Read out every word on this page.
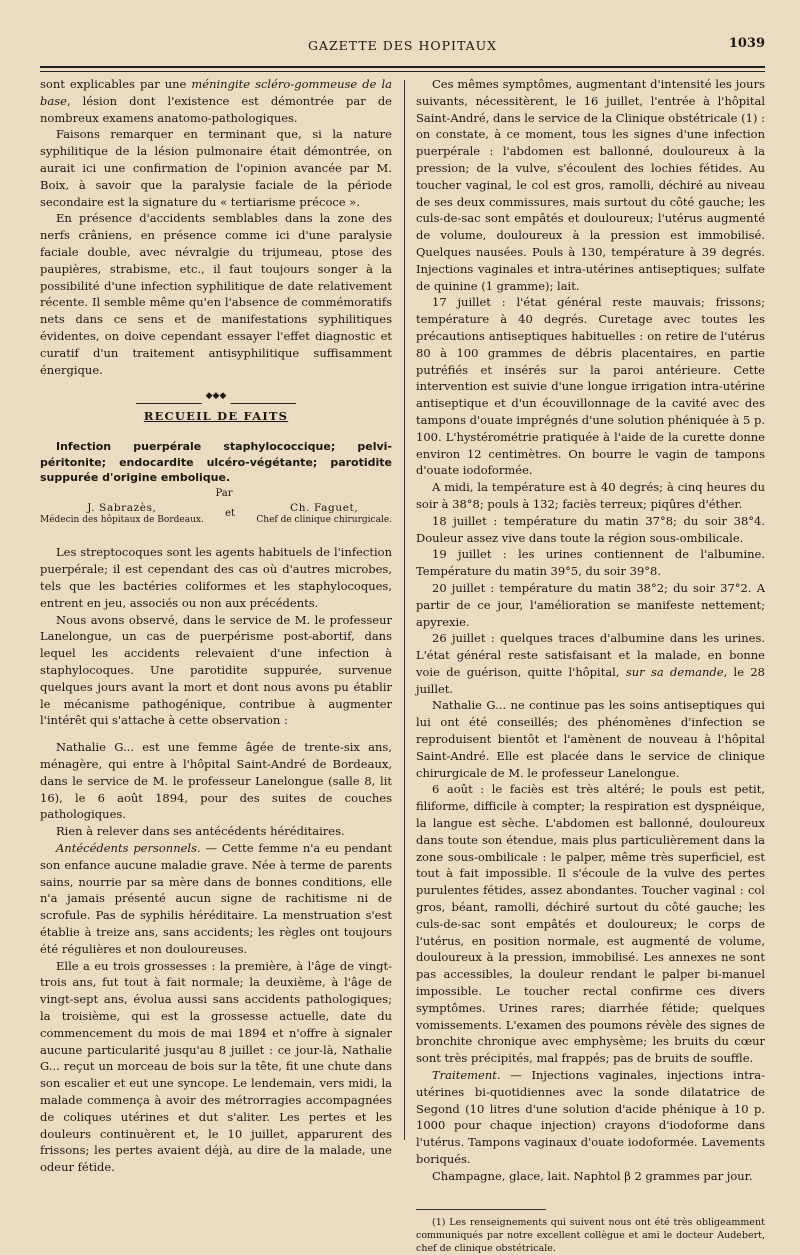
GAZETTE DES HOPITAUX	1039

sont explicables par une méningite scléro-gommeuse de la base, lésion dont l'existence est démontrée par de nombreux examens anatomo-pathologiques.

Faisons remarquer en terminant que, si la nature syphilitique de la lésion pulmonaire était démontrée, on aurait ici une confirmation de l'opinion avancée par M. Boix, à savoir que la paralysie faciale de la période secondaire est la signature du « tertiarisme précoce ».

En présence d'accidents semblables dans la zone des nerfs crâniens, en présence comme ici d'une paralysie faciale double, avec névralgie du trijumeau, ptose des paupières, strabisme, etc., il faut toujours songer à la possibilité d'une infection syphilitique de date relativement récente. Il semble même qu'en l'absence de commémoratifs nets dans ce sens et de manifestations syphilitiques évidentes, on doive cependant essayer l'effet diagnostic et curatif d'un traitement antisyphilitique suffisamment énergique.

◆◆◆
RECUEIL DE FAITS

Infection puerpérale staphylococcique; pelvi-péritonite; endocardite ulcéro-végétante; parotidite suppurée d'origine embolique.

Par

J. Sabrazès,
Médecin des hôpitaux de Bordeaux.
et	Ch. Faguet,
Chef de clinique chirurgicale.

Les streptocoques sont les agents habituels de l'infection puerpérale; il est cependant des cas où d'autres microbes, tels que les bactéries coliformes et les staphylocoques, entrent en jeu, associés ou non aux précédents.

Nous avons observé, dans le service de M. le professeur Lanelongue, un cas de puerpérisme post-abortif, dans lequel les accidents relevaient d'une infection à staphylocoques. Une parotidite suppurée, survenue quelques jours avant la mort et dont nous avons pu établir le mécanisme pathogénique, contribue à augmenter l'intérêt qui s'attache à cette observation :

Nathalie G... est une femme âgée de trente-six ans, ménagère, qui entre à l'hôpital Saint-André de Bordeaux, dans le service de M. le professeur Lanelongue (salle 8, lit 16), le 6 août 1894, pour des suites de couches pathologiques.

Rien à relever dans ses antécédents héréditaires.

Antécédents personnels. — Cette femme n'a eu pendant son enfance aucune maladie grave. Née à terme de parents sains, nourrie par sa mère dans de bonnes conditions, elle n'a jamais présenté aucun signe de rachitisme ni de scrofule. Pas de syphilis héréditaire. La menstruation s'est établie à treize ans, sans accidents; les règles ont toujours été régulières et non douloureuses.

Elle a eu trois grossesses : la première, à l'âge de vingt-trois ans, fut tout à fait normale; la deuxième, à l'âge de vingt-sept ans, évolua aussi sans accidents pathologiques; la troisième, qui est la grossesse actuelle, date du commencement du mois de mai 1894 et n'offre à signaler aucune particularité jusqu'au 8 juillet : ce jour-là, Nathalie G... reçut un morceau de bois sur la tête, fit une chute dans son escalier et eut une syncope. Le lendemain, vers midi, la malade commença à avoir des métrorragies accompagnées de coliques utérines et dut s'aliter. Les pertes et les douleurs continuèrent et, le 10 juillet, apparurent des frissons; les pertes avaient déjà, au dire de la malade, une odeur fétide.

Ces mêmes symptômes, augmentant d'intensité les jours suivants, nécessitèrent, le 16 juillet, l'entrée à l'hôpital Saint-André, dans le service de la Clinique obstétricale (1) : on constate, à ce moment, tous les signes d'une infection puerpérale : l'abdomen est ballonné, douloureux à la pression; de la vulve, s'écoulent des lochies fétides. Au toucher vaginal, le col est gros, ramolli, déchiré au niveau de ses deux commissures, mais surtout du côté gauche; les culs-de-sac sont empâtés et douloureux; l'utérus augmenté de volume, douloureux à la pression est immobilisé. Quelques nausées. Pouls à 130, température à 39 degrés. Injections vaginales et intra-utérines antiseptiques; sulfate de quinine (1 gramme); lait.

17 juillet : l'état général reste mauvais; frissons; température à 40 degrés. Curetage avec toutes les précautions antiseptiques habituelles : on retire de l'utérus 80 à 100 grammes de débris placentaires, en partie putréfiés et insérés sur la paroi antérieure. Cette intervention est suivie d'une longue irrigation intra-utérine antiseptique et d'un écouvillonnage de la cavité avec des tampons d'ouate imprégnés d'une solution phéniquée à 5 p. 100. L'hystérométrie pratiquée à l'aide de la curette donne environ 12 centimètres. On bourre le vagin de tampons d'ouate iodoformée.

A midi, la température est à 40 degrés; à cinq heures du soir à 38°8; pouls à 132; faciès terreux; piqûres d'éther.

18 juillet : température du matin 37°8; du soir 38°4. Douleur assez vive dans toute la région sous-ombilicale.

19 juillet : les urines contiennent de l'albumine. Température du matin 39°5, du soir 39°8.

20 juillet : température du matin 38°2; du soir 37°2. A partir de ce jour, l'amélioration se manifeste nettement; apyrexie.

26 juillet : quelques traces d'albumine dans les urines. L'état général reste satisfaisant et la malade, en bonne voie de guérison, quitte l'hôpital, sur sa demande, le 28 juillet.

Nathalie G... ne continue pas les soins antiseptiques qui lui ont été conseillés; des phénomènes d'infection se reproduisent bientôt et l'amènent de nouveau à l'hôpital Saint-André. Elle est placée dans le service de clinique chirurgicale de M. le professeur Lanelongue.

6 août : le faciès est très altéré; le pouls est petit, filiforme, difficile à compter; la respiration est dyspnéique, la langue est sèche. L'abdomen est ballonné, douloureux dans toute son étendue, mais plus particulièrement dans la zone sous-ombilicale : le palper, même très superficiel, est tout à fait impossible. Il s'écoule de la vulve des pertes purulentes fétides, assez abondantes. Toucher vaginal : col gros, béant, ramolli, déchiré surtout du côté gauche; les culs-de-sac sont empâtés et douloureux; le corps de l'utérus, en position normale, est augmenté de volume, douloureux à la pression, immobilisé. Les annexes ne sont pas accessibles, la douleur rendant le palper bi-manuel impossible. Le toucher rectal confirme ces divers symptômes. Urines rares; diarrhée fétide; quelques vomissements. L'examen des poumons révèle des signes de bronchite chronique avec emphysème; les bruits du cœur sont très précipités, mal frappés; pas de bruits de souffle.

Traitement. — Injections vaginales, injections intra-utérines bi-quotidiennes avec la sonde dilatatrice de Segond (10 litres d'une solution d'acide phénique à 10 p. 1000 pour chaque injection) crayons d'iodoforme dans l'utérus. Tampons vaginaux d'ouate iodoformée. Lavements boriqués.

Champagne, glace, lait. Naphtol β 2 grammes par jour.

(1) Les renseignements qui suivent nous ont été très obligeamment communiqués par notre excellent collègue et ami le docteur Audebert, chef de clinique obstétricale.
